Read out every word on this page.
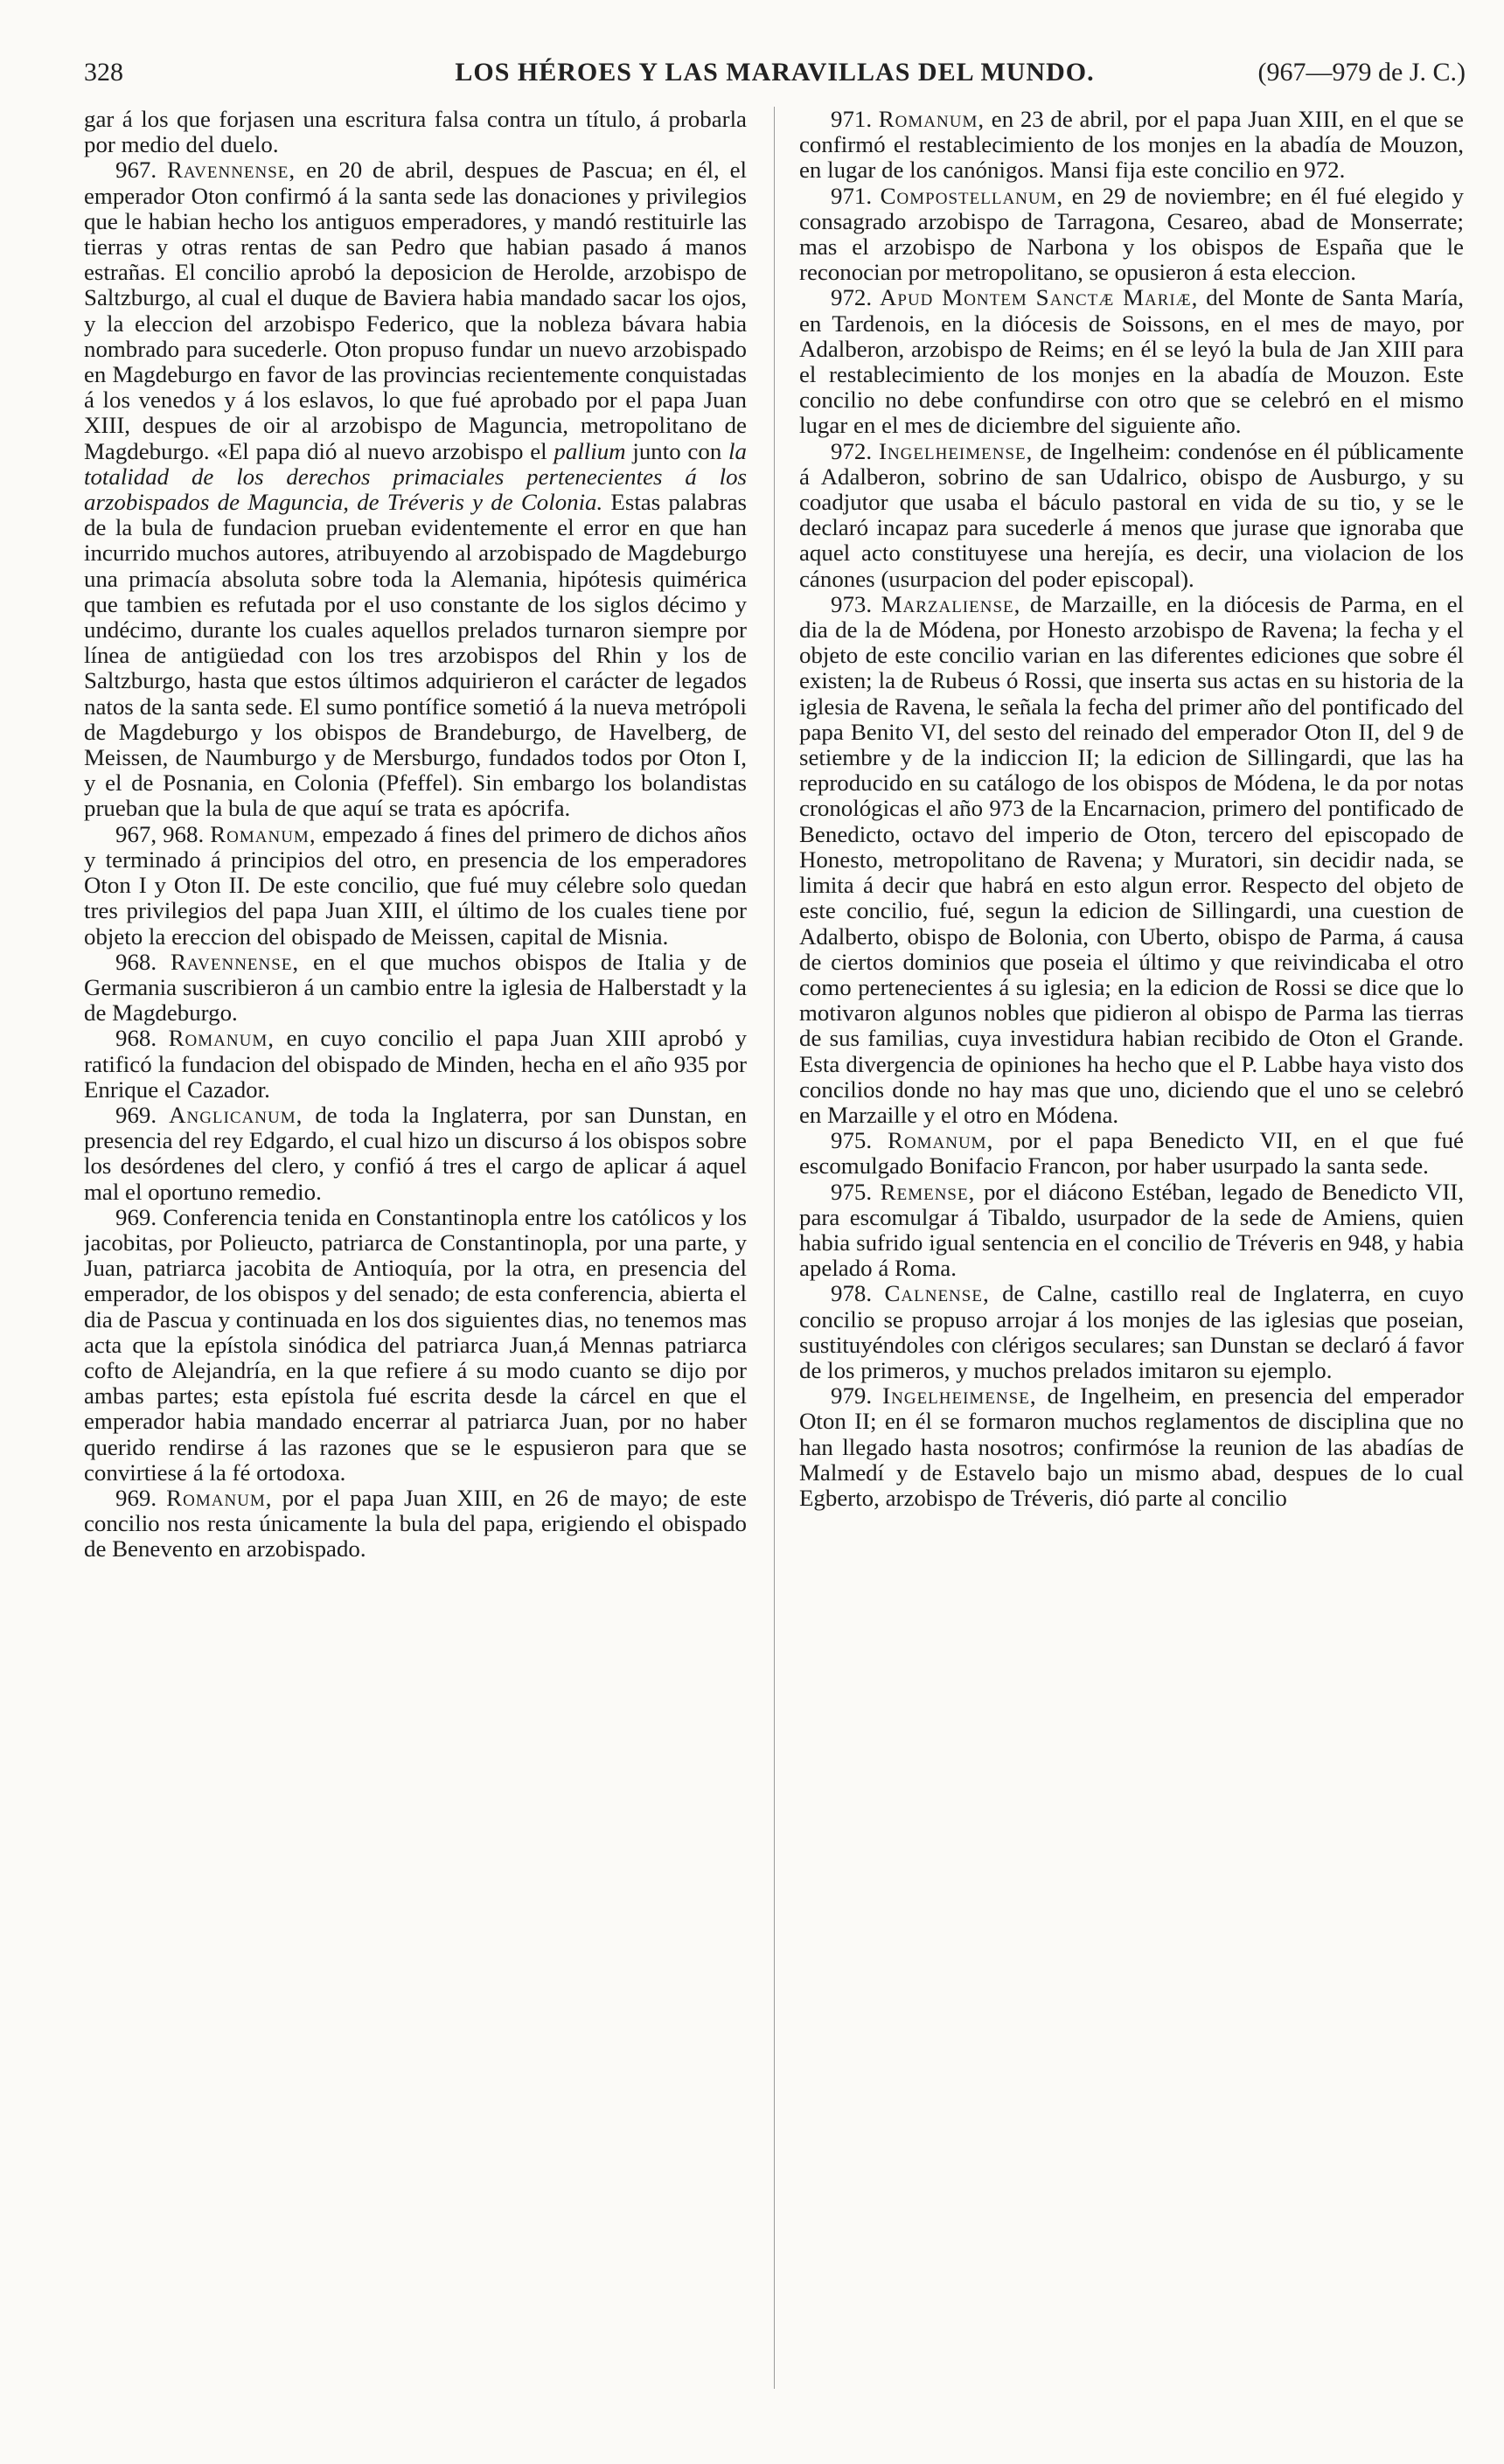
328	LOS HÉROES Y LAS MARAVILLAS DEL MUNDO.	(967—979 de J. C.)

gar á los que forjasen una escritura falsa contra un título, á probarla por medio del duelo.

967. Ravennense, en 20 de abril, despues de Pascua; en él, el emperador Oton confirmó á la santa sede las donaciones y privilegios que le habian hecho los antiguos emperadores, y mandó restituirle las tierras y otras rentas de san Pedro que habian pasado á manos estrañas. El concilio aprobó la deposicion de Herolde, arzobispo de Saltzburgo, al cual el duque de Baviera habia mandado sacar los ojos, y la eleccion del arzobispo Federico, que la nobleza bávara habia nombrado para sucederle. Oton propuso fundar un nuevo arzobispado en Magdeburgo en favor de las provincias recientemente conquistadas á los venedos y á los eslavos, lo que fué aprobado por el papa Juan XIII, despues de oir al arzobispo de Maguncia, metropolitano de Magdeburgo. «El papa dió al nuevo arzobispo el pallium junto con la totalidad de los derechos primaciales pertenecientes á los arzobispados de Maguncia, de Tréveris y de Colonia. Estas palabras de la bula de fundacion prueban evidentemente el error en que han incurrido muchos autores, atribuyendo al arzobispado de Magdeburgo una primacía absoluta sobre toda la Alemania, hipótesis quimérica que tambien es refutada por el uso constante de los siglos décimo y undécimo, durante los cuales aquellos prelados turnaron siempre por línea de antigüedad con los tres arzobispos del Rhin y los de Saltzburgo, hasta que estos últimos adquirieron el carácter de legados natos de la santa sede. El sumo pontífice sometió á la nueva metrópoli de Magdeburgo y los obispos de Brandeburgo, de Havelberg, de Meissen, de Naumburgo y de Mersburgo, fundados todos por Oton I, y el de Posnania, en Colonia (Pfeffel). Sin embargo los bolandistas prueban que la bula de que aquí se trata es apócrifa.

967, 968. Romanum, empezado á fines del primero de dichos años y terminado á principios del otro, en presencia de los emperadores Oton I y Oton II. De este concilio, que fué muy célebre solo quedan tres privilegios del papa Juan XIII, el último de los cuales tiene por objeto la ereccion del obispado de Meissen, capital de Misnia.

968. Ravennense, en el que muchos obispos de Italia y de Germania suscribieron á un cambio entre la iglesia de Halberstadt y la de Magdeburgo.

968. Romanum, en cuyo concilio el papa Juan XIII aprobó y ratificó la fundacion del obispado de Minden, hecha en el año 935 por Enrique el Cazador.

969. Anglicanum, de toda la Inglaterra, por san Dunstan, en presencia del rey Edgardo, el cual hizo un discurso á los obispos sobre los desórdenes del clero, y confió á tres el cargo de aplicar á aquel mal el oportuno remedio.

969. Conferencia tenida en Constantinopla entre los católicos y los jacobitas, por Polieucto, patriarca de Constantinopla, por una parte, y Juan, patriarca jacobita de Antioquía, por la otra, en presencia del emperador, de los obispos y del senado; de esta conferencia, abierta el dia de Pascua y continuada en los dos siguientes dias, no tenemos mas acta que la epístola sinódica del patriarca Juan,á Mennas patriarca cofto de Alejandría, en la que refiere á su modo cuanto se dijo por ambas partes; esta epístola fué escrita desde la cárcel en que el emperador habia mandado encerrar al patriarca Juan, por no haber querido rendirse á las razones que se le espusieron para que se convirtiese á la fé ortodoxa.

969. Romanum, por el papa Juan XIII, en 26 de mayo; de este concilio nos resta únicamente la bula del papa, erigiendo el obispado de Benevento en arzobispado.

971. Romanum, en 23 de abril, por el papa Juan XIII, en el que se confirmó el restablecimiento de los monjes en la abadía de Mouzon, en lugar de los canónigos. Mansi fija este concilio en 972.

971. Compostellanum, en 29 de noviembre; en él fué elegido y consagrado arzobispo de Tarragona, Cesareo, abad de Monserrate; mas el arzobispo de Narbona y los obispos de España que le reconocian por metropolitano, se opusieron á esta eleccion.

972. Apud Montem Sanctæ Mariæ, del Monte de Santa María, en Tardenois, en la diócesis de Soissons, en el mes de mayo, por Adalberon, arzobispo de Reims; en él se leyó la bula de Jan XIII para el restablecimiento de los monjes en la abadía de Mouzon. Este concilio no debe confundirse con otro que se celebró en el mismo lugar en el mes de diciembre del siguiente año.

972. Ingelheimense, de Ingelheim: condenóse en él públicamente á Adalberon, sobrino de san Udalrico, obispo de Ausburgo, y su coadjutor que usaba el báculo pastoral en vida de su tio, y se le declaró incapaz para sucederle á menos que jurase que ignoraba que aquel acto constituyese una herejía, es decir, una violacion de los cánones (usurpacion del poder episcopal).

973. Marzaliense, de Marzaille, en la diócesis de Parma, en el dia de la de Módena, por Honesto arzobispo de Ravena; la fecha y el objeto de este concilio varian en las diferentes ediciones que sobre él existen; la de Rubeus ó Rossi, que inserta sus actas en su historia de la iglesia de Ravena, le señala la fecha del primer año del pontificado del papa Benito VI, del sesto del reinado del emperador Oton II, del 9 de setiembre y de la indiccion II; la edicion de Sillingardi, que las ha reproducido en su catálogo de los obispos de Módena, le da por notas cronológicas el año 973 de la Encarnacion, primero del pontificado de Benedicto, octavo del imperio de Oton, tercero del episcopado de Honesto, metropolitano de Ravena; y Muratori, sin decidir nada, se limita á decir que habrá en esto algun error. Respecto del objeto de este concilio, fué, segun la edicion de Sillingardi, una cuestion de Adalberto, obispo de Bolonia, con Uberto, obispo de Parma, á causa de ciertos dominios que poseia el último y que reivindicaba el otro como pertenecientes á su iglesia; en la edicion de Rossi se dice que lo motivaron algunos nobles que pidieron al obispo de Parma las tierras de sus familias, cuya investidura habian recibido de Oton el Grande. Esta divergencia de opiniones ha hecho que el P. Labbe haya visto dos concilios donde no hay mas que uno, diciendo que el uno se celebró en Marzaille y el otro en Módena.

975. Romanum, por el papa Benedicto VII, en el que fué escomulgado Bonifacio Francon, por haber usurpado la santa sede.

975. Remense, por el diácono Estéban, legado de Benedicto VII, para escomulgar á Tibaldo, usurpador de la sede de Amiens, quien habia sufrido igual sentencia en el concilio de Tréveris en 948, y habia apelado á Roma.

978. Calnense, de Calne, castillo real de Inglaterra, en cuyo concilio se propuso arrojar á los monjes de las iglesias que poseian, sustituyéndoles con clérigos seculares; san Dunstan se declaró á favor de los primeros, y muchos prelados imitaron su ejemplo.

979. Ingelheimense, de Ingelheim, en presencia del emperador Oton II; en él se formaron muchos reglamentos de disciplina que no han llegado hasta nosotros; confirmóse la reunion de las abadías de Malmedí y de Estavelo bajo un mismo abad, despues de lo cual Egberto, arzobispo de Tréveris, dió parte al concilio
